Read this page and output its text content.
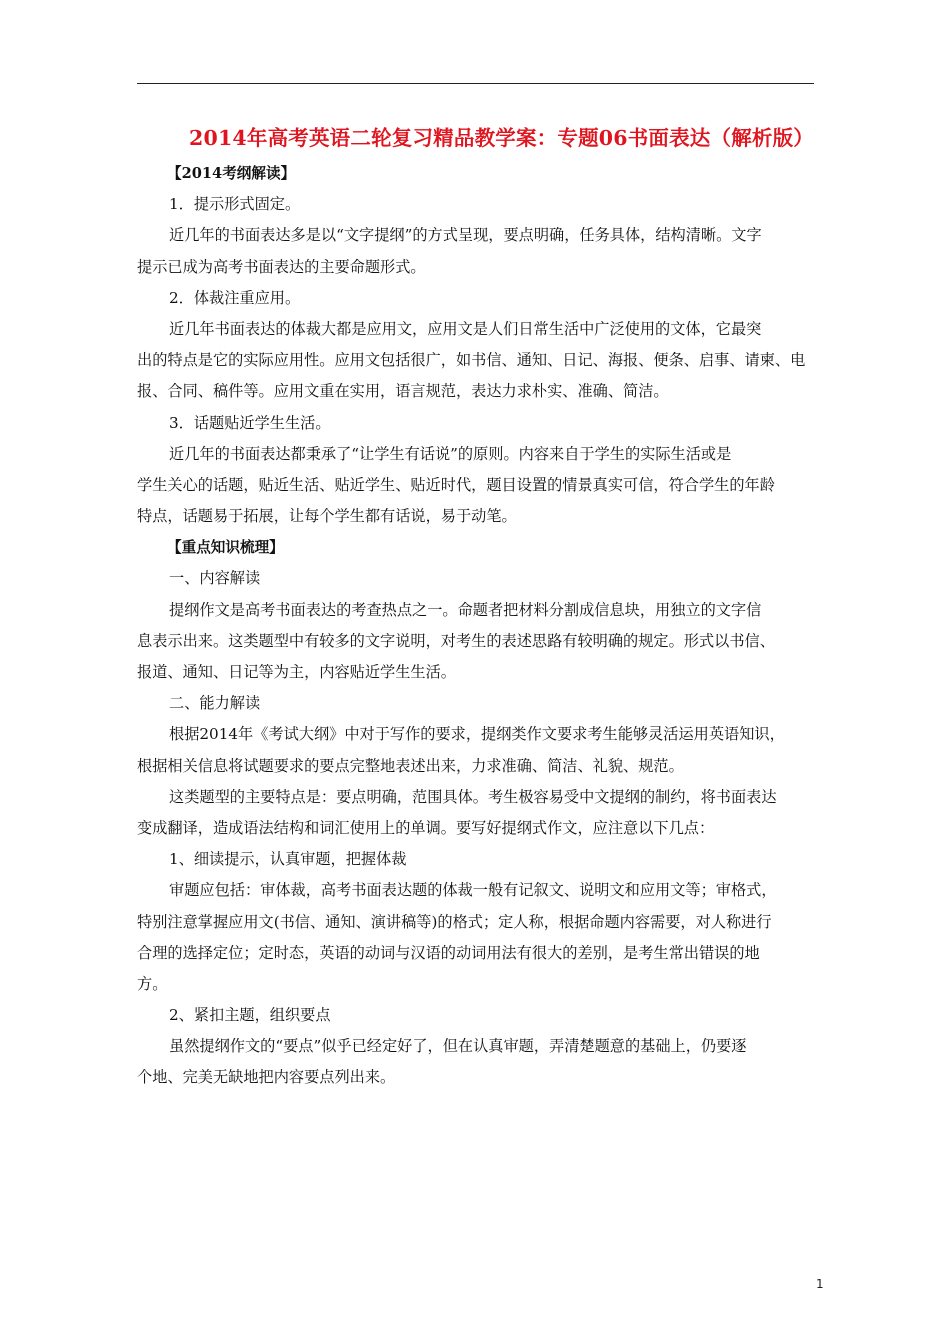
2014年高考英语二轮复习精品教学案：专题06书面表达（解析版）
【2014考纲解读】
1．提示形式固定。
近几年的书面表达多是以“文字提纲”的方式呈现，要点明确，任务具体，结构清晰。文字
提示已成为高考书面表达的主要命题形式。
2．体裁注重应用。
近几年书面表达的体裁大都是应用文，应用文是人们日常生活中广泛使用的文体，它最突
出的特点是它的实际应用性。应用文包括很广，如书信、通知、日记、海报、便条、启事、请柬、电
报、合同、稿件等。应用文重在实用，语言规范，表达力求朴实、准确、简洁。
3．话题贴近学生生活。
近几年的书面表达都秉承了“让学生有话说”的原则。内容来自于学生的实际生活或是
学生关心的话题，贴近生活、贴近学生、贴近时代，题目设置的情景真实可信，符合学生的年龄
特点，话题易于拓展，让每个学生都有话说，易于动笔。
【重点知识梳理】
一、内容解读
提纲作文是高考书面表达的考查热点之一。命题者把材料分割成信息块，用独立的文字信
息表示出来。这类题型中有较多的文字说明，对考生的表述思路有较明确的规定。形式以书信、
报道、通知、日记等为主，内容贴近学生生活。
二、能力解读
根据2014年《考试大纲》中对于写作的要求，提纲类作文要求考生能够灵活运用英语知识，
根据相关信息将试题要求的要点完整地表述出来，力求准确、简洁、礼貌、规范。
这类题型的主要特点是：要点明确，范围具体。考生极容易受中文提纲的制约，将书面表达
变成翻译，造成语法结构和词汇使用上的单调。要写好提纲式作文，应注意以下几点：
1、细读提示，认真审题，把握体裁
审题应包括：审体裁，高考书面表达题的体裁一般有记叙文、说明文和应用文等；审格式，
特别注意掌握应用文(书信、通知、演讲稿等)的格式；定人称，根据命题内容需要，对人称进行
合理的选择定位；定时态，英语的动词与汉语的动词用法有很大的差别，是考生常出错误的地
方。
2、紧扣主题，组织要点
虽然提纲作文的“要点”似乎已经定好了，但在认真审题，弄清楚题意的基础上，仍要逐
个地、完美无缺地把内容要点列出来。
1
